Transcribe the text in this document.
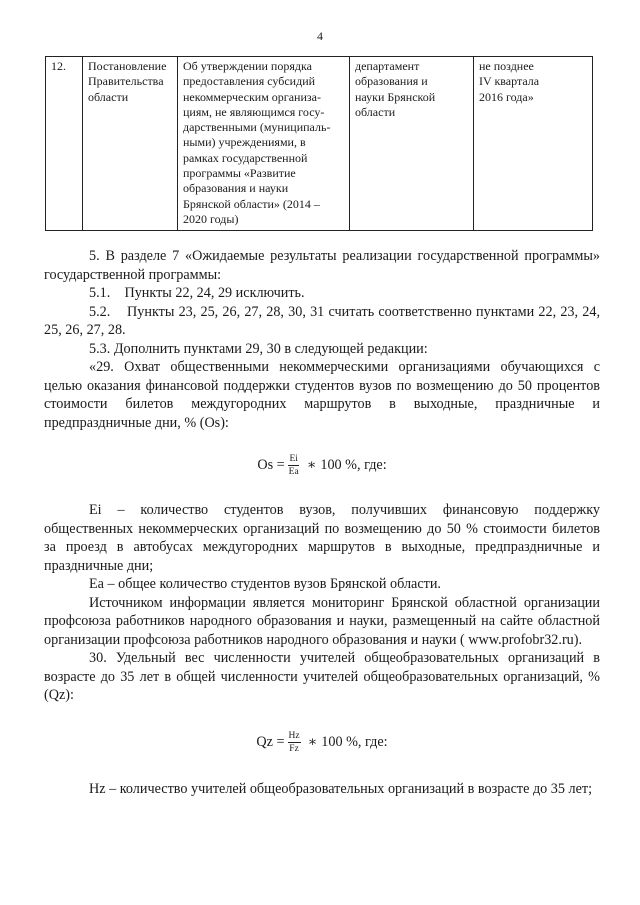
4
12.	Постановление
Правительства
области

Об утверждении порядка
предоставления субсидий
некоммерческим организа-
циям, не являющимся госу-
дарственными (муниципаль-
ными) учреждениями, в
рамках государственной
программы «Развитие
образования и науки
Брянской области» (2014 –
2020 годы)

департамент
образования и
науки Брянской
области

не позднее
IV квартала
2016 года»

5. В разделе 7 «Ожидаемые результаты реализации государственной программы» государственной программы:

5.1.    Пункты 22, 24, 29 исключить.

5.2.    Пункты 23, 25, 26, 27, 28, 30, 31 считать соответственно пунктами 22, 23, 24, 25, 26, 27, 28.

5.3. Дополнить пунктами 29, 30 в следующей редакции:

«29. Охват общественными некоммерческими организациями обучающихся с целью оказания финансовой поддержки студентов вузов по возмещению до 50 процентов стоимости билетов междугородних маршрутов в выходные, праздничные и предпраздничные дни, % (Os):

$Os = \frac{Ei}{Ea}$ ∗ 100 %, где:

Ei – количество студентов вузов, получивших финансовую поддержку общественных некоммерческих организаций по возмещению до 50 % стоимости билетов за проезд в автобусах междугородних маршрутов в выходные, предпраздничные и праздничные дни;

Ea – общее количество студентов вузов Брянской области.

Источником информации является мониторинг Брянской областной организации профсоюза работников народного образования и науки, размещенный на сайте областной организации профсоюза работников народного образования и науки ( www.profobr32.ru).

30. Удельный вес численности учителей общеобразовательных организаций в возрасте до 35 лет в общей численности учителей общеобразовательных организаций, % (Qz):

$Qz = \frac{Hz}{Fz}$ ∗ 100 %, где:

Hz – количество учителей общеобразовательных организаций в возрасте до 35 лет;
